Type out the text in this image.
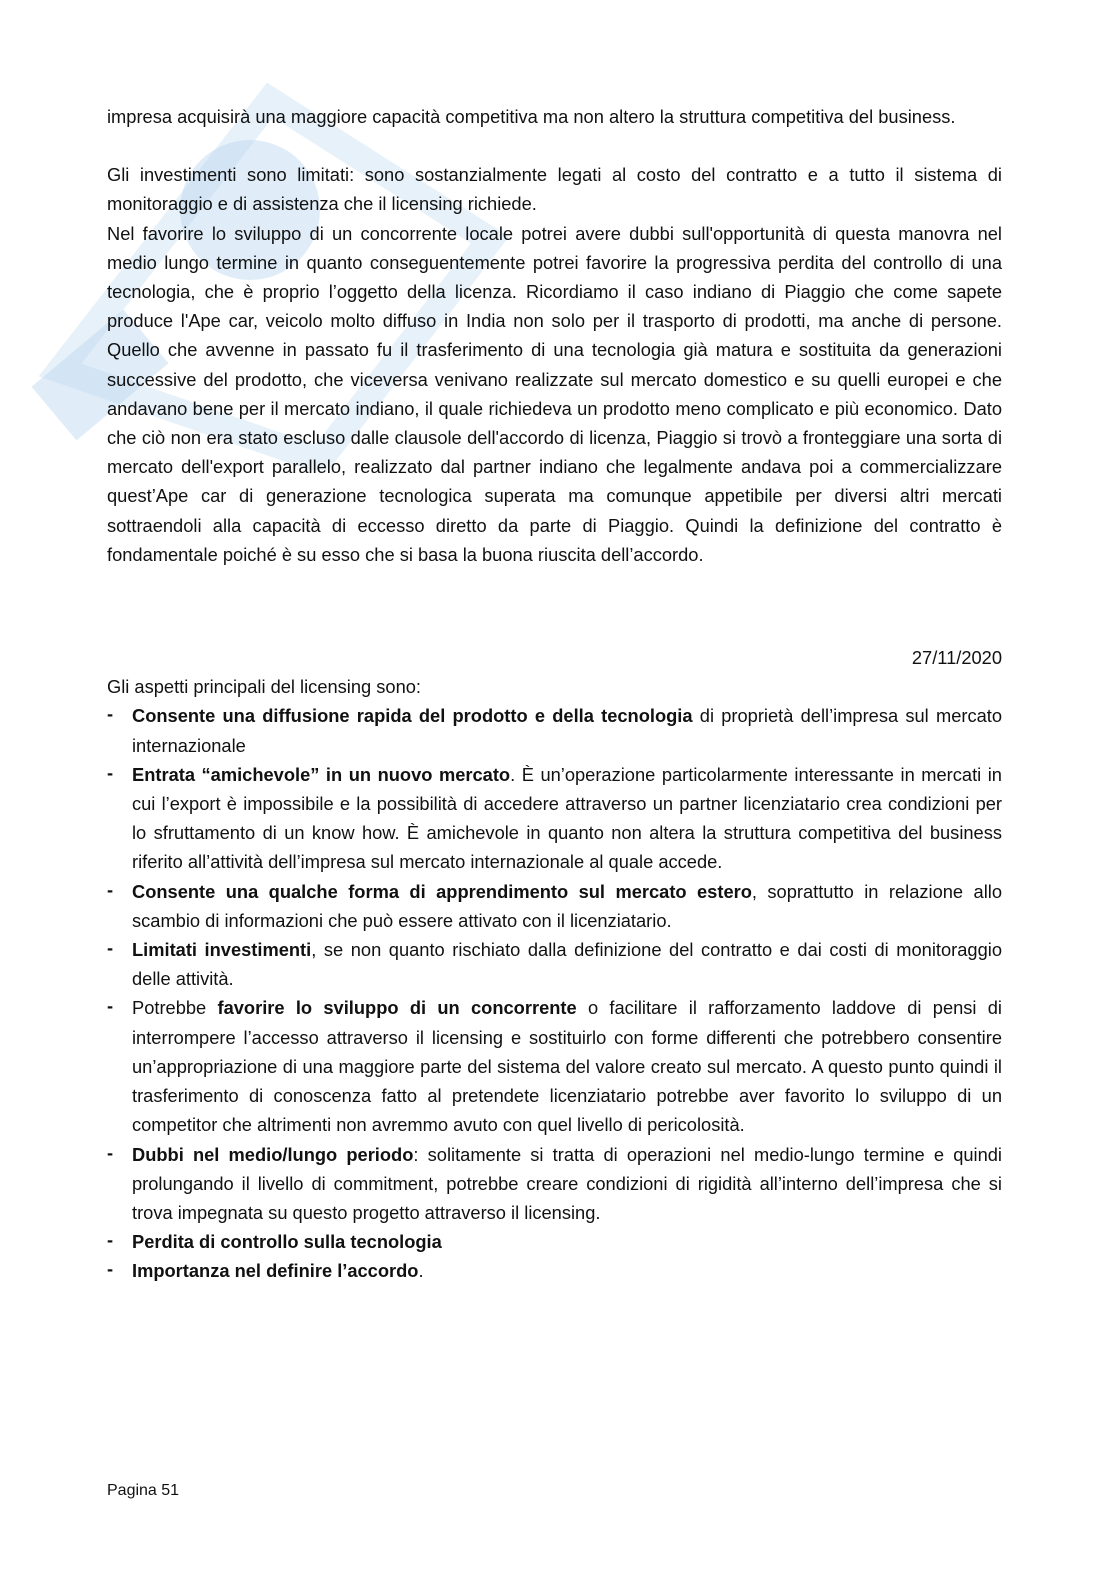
impresa acquisirà una maggiore capacità competitiva ma non altero la struttura competitiva del business.

Gli investimenti sono limitati: sono sostanzialmente legati al costo del contratto e a tutto il sistema di monitoraggio e di assistenza che il licensing richiede.

Nel favorire lo sviluppo di un concorrente locale potrei avere dubbi sull'opportunità di questa manovra nel medio lungo termine in quanto conseguentemente potrei favorire la progressiva perdita del controllo di una tecnologia, che è proprio l’oggetto della licenza. Ricordiamo il caso indiano di Piaggio che come sapete produce l'Ape car, veicolo molto diffuso in India non solo per il trasporto di prodotti, ma anche di persone. Quello che avvenne in passato fu il trasferimento di una tecnologia già matura e sostituita da generazioni successive del prodotto, che viceversa venivano realizzate sul mercato domestico e su quelli europei e che andavano bene per il mercato indiano, il quale richiedeva un prodotto meno complicato e più economico. Dato che ciò non era stato escluso dalle clausole dell'accordo di licenza, Piaggio si trovò a fronteggiare una sorta di mercato dell'export parallelo, realizzato dal partner indiano che legalmente andava poi a commercializzare quest’Ape car di generazione tecnologica superata ma comunque appetibile per diversi altri mercati sottraendoli alla capacità di eccesso diretto da parte di Piaggio. Quindi la definizione del contratto è fondamentale poiché è su esso che si basa la buona riuscita dell’accordo.

27/11/2020

Gli aspetti principali del licensing sono:

- Consente una diffusione rapida del prodotto e della tecnologia di proprietà dell’impresa sul mercato internazionale
- Entrata “amichevole” in un nuovo mercato. È un’operazione particolarmente interessante in mercati in cui l’export è impossibile e la possibilità di accedere attraverso un partner licenziatario crea condizioni per lo sfruttamento di un know how. È amichevole in quanto non altera la struttura competitiva del business riferito all’attività dell’impresa sul mercato internazionale al quale accede.
- Consente una qualche forma di apprendimento sul mercato estero, soprattutto in relazione allo scambio di informazioni che può essere attivato con il licenziatario.
- Limitati investimenti, se non quanto rischiato dalla definizione del contratto e dai costi di monitoraggio delle attività.
- Potrebbe favorire lo sviluppo di un concorrente o facilitare il rafforzamento laddove di pensi di interrompere l’accesso attraverso il licensing e sostituirlo con forme differenti che potrebbero consentire un’appropriazione di una maggiore parte del sistema del valore creato sul mercato. A questo punto quindi il trasferimento di conoscenza fatto al pretendete licenziatario potrebbe aver favorito lo sviluppo di un competitor che altrimenti non avremmo avuto con quel livello di pericolosità.
- Dubbi nel medio/lungo periodo: solitamente si tratta di operazioni nel medio-lungo termine e quindi prolungando il livello di commitment, potrebbe creare condizioni di rigidità all’interno dell’impresa che si trova impegnata su questo progetto attraverso il licensing.
- Perdita di controllo sulla tecnologia
- Importanza nel definire l’accordo.
Pagina 51
